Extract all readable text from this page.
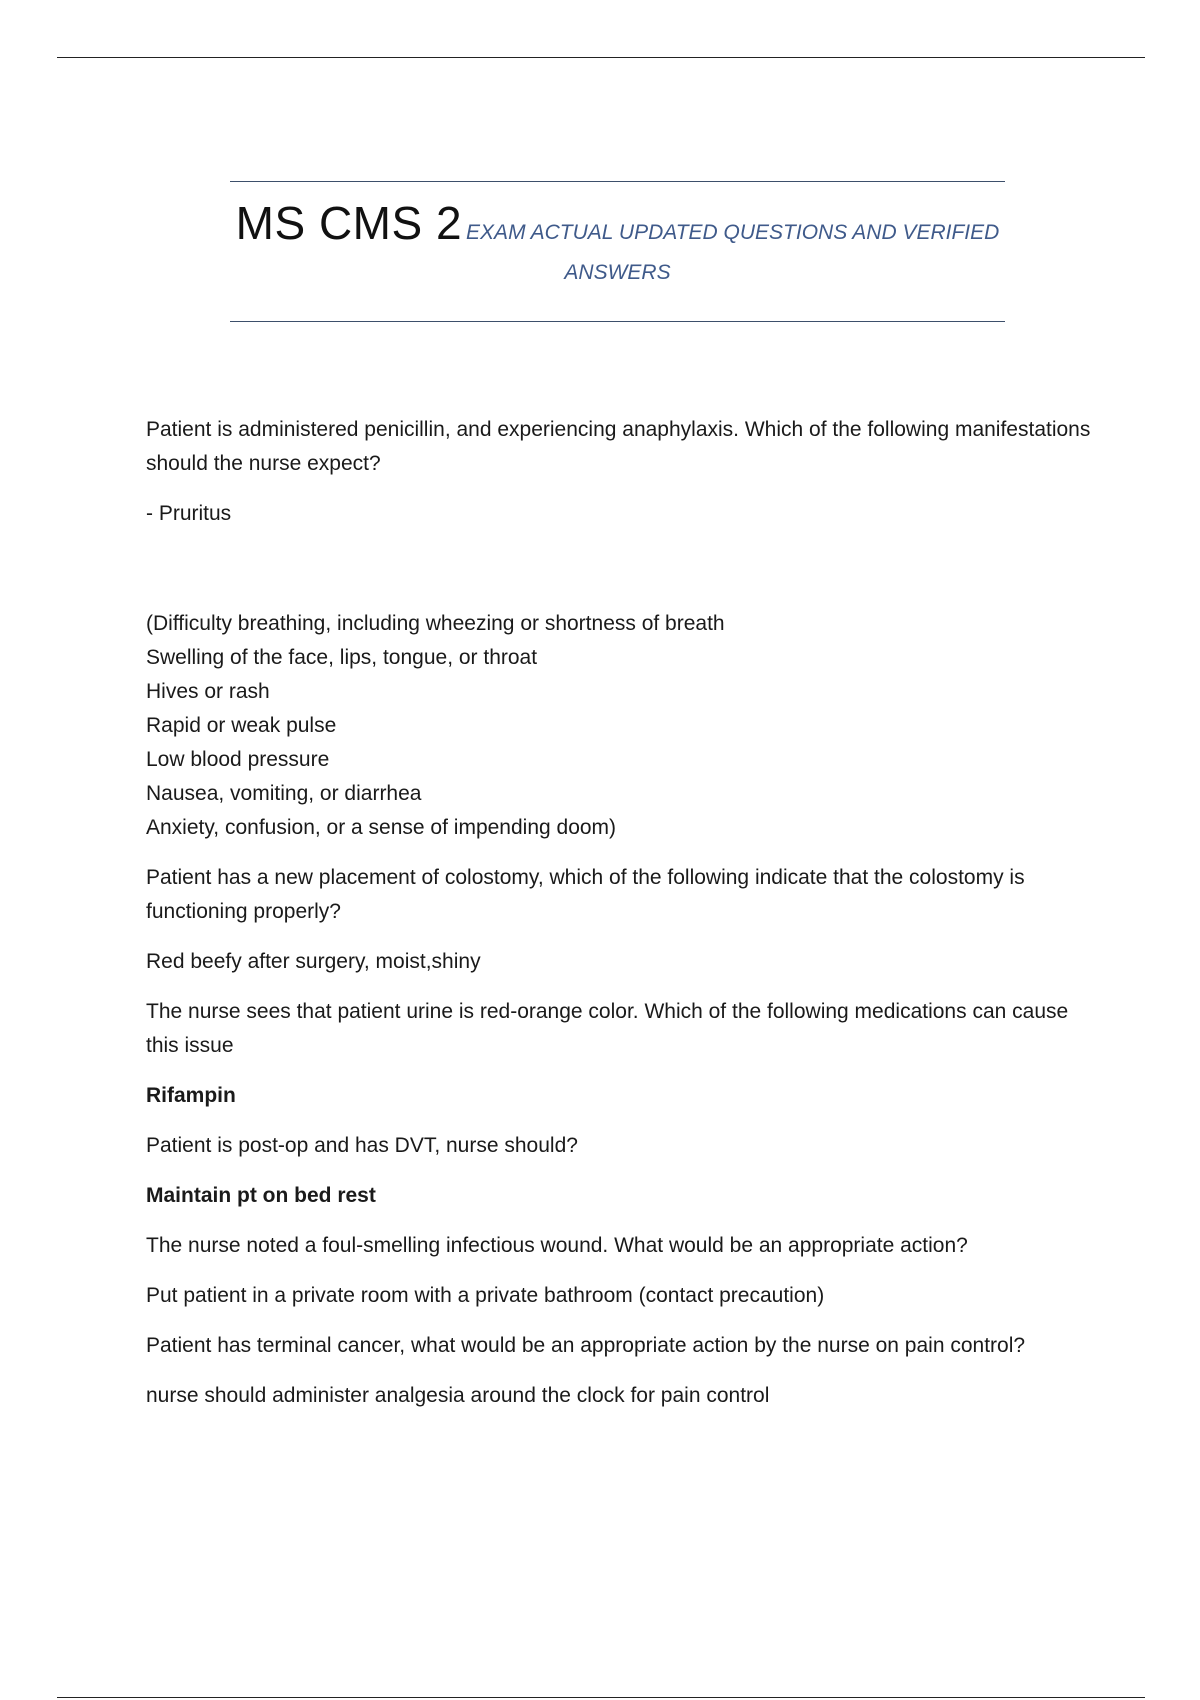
MS CMS 2 EXAM ACTUAL UPDATED QUESTIONS AND VERIFIED
ANSWERS

Patient is administered penicillin, and experiencing anaphylaxis. Which of the following manifestations should the nurse expect?

- Pruritus

(Difficulty breathing, including wheezing or shortness of breath

Swelling of the face, lips, tongue, or throat

Hives or rash

Rapid or weak pulse

Low blood pressure

Nausea, vomiting, or diarrhea

Anxiety, confusion, or a sense of impending doom)

Patient has a new placement of colostomy, which of the following indicate that the colostomy is functioning properly?

Red beefy after surgery, moist,shiny

The nurse sees that patient urine is red-orange color. Which of the following medications can cause this issue

Rifampin

Patient is post-op and has DVT, nurse should?

Maintain pt on bed rest

The nurse noted a foul-smelling infectious wound. What would be an appropriate action?

Put patient in a private room with a private bathroom (contact precaution)

Patient has terminal cancer, what would be an appropriate action by the nurse on pain control?

nurse should administer analgesia around the clock for pain control
